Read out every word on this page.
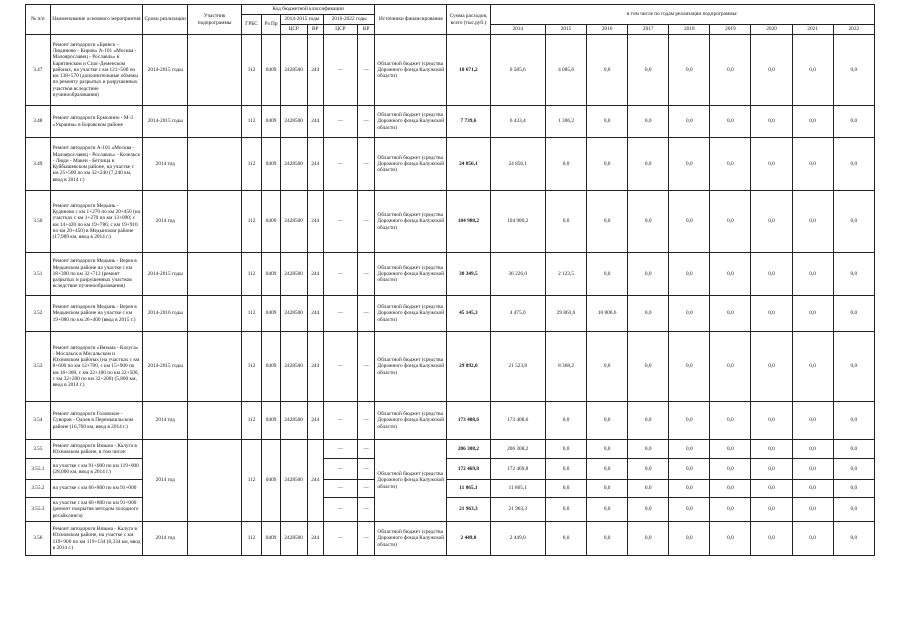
№ п/п	Наименование основного мероприятия	Сроки реализации	Участник подпрограммы	Код бюджетной классификации						Источники финансирования	Сумма расходов, всего (тыс.руб.)	в том числе по годам реализации подпрограммы:								
				ГРБС	Рз Пр	2014-2015 годы		2016-2022 годы												

						ЦСР	ВР	ЦСР	ВР			2014	2015	2016	2017	2018	2019	2020	2021	2022
3.47	Ремонт автодороги «Брянск - Людиново - Киров» А-101 «Москва - Малоярославец - Рославль» в Барятинском и Спас-Деменском районах, на участке с км 121+500 по км 138+570 (дополнительные объемы по ремонту разрытых и разрушенных участков вследствие пучинообразования)	2014-2015 годы		112	0409	2428500	244	—	—	Областной бюджет (средства Дорожного фонда Калужской области)	10 671,2	6 585,6	4 085,6	0,0	0,0	0,0	0,0	0,0	0,0	0,0
3.48	Ремонт автодороги Ермолино - М-3 «Украина» в Боровском районе	2014-2015 годы		112	0409	2428500	244	—	—	Областной бюджет (средства Дорожного фонда Калужской области)	7 739,6	6 433,4	1 306,2	0,0	0,0	0,0	0,0	0,0	0,0	0,0
3.49	Ремонт автодороги А-101 «Москва - Малоярославец - Рославль» - Козельск - Люди - Макеи - Бетлица в Куйбышевском районе, на участке с км 25+500 по км 32+240 (7,240 км, ввод в 2014 г.)	2014 год		112	0409	2428500	244	—	—	Областной бюджет (средства Дорожного фонда Калужской области)	24 856,1	24 856,1	0,0	0,0	0,0	0,0	0,0	0,0	0,0	0,0
3.50	Ремонт автодороги Медынь - Кудиново с км 1+270 по км 20+450 (на участках с км 1+270 по км 13+090; с км 14+420 по км 19+786; с км 19+910 по км 20+450) в Медынском районе (17,989 км, ввод в 2014 г.)	2014 год		112	0409	2428500	244	—	—	Областной бюджет (средства Дорожного фонда Калужской области)	104 980,2	104 980,2	0,0	0,0	0,0	0,0	0,0	0,0	0,0	0,0
3.51	Ремонт автодороги Медынь - Верея в Медынском районе на участке с км 18+390 по км 32+713 (ремонт разрытых и разрушенных участков вследствие пучинообразования)	2014-2015 годы		112	0409	2428500	244	—	—	Областной бюджет (средства Дорожного фонда Калужской области)	38 349,5	36 226,0	2 123,5	0,0	0,0	0,0	0,0	0,0	0,0	0,0
3.52	Ремонт автодороги Медынь - Верея в Медынском районе на участке с км 19+080 по км 26+400 (ввод в 2015 г.)	2014-2016 годы		112	0409	2428500	244	—	—	Областной бюджет (средства Дорожного фонда Калужской области)	45 145,3	4 475,0	29 863,6	10 806,6	0,0	0,0	0,0	0,0	0,0	0,0
3.53	Ремонт автодороги «Вязьма - Калуга» - Мосальск в Мосальском и Юхновском районах (на участках с км 8+600 по км 12+700, с км 15+900 по км 16+300, с км 22+100 по км 22+500, с км 32+200 по км 32+200) (5,800 км, ввод в 2014 г.)	2014-2015 годы		112	0409	2428500	244	—	—	Областной бюджет (средства Дорожного фонда Калужской области)	29 892,0	21 523,8	8 368,2	0,0	0,0	0,0	0,0	0,0	0,0	0,0
3.54	Ремонт автодороги Головское - Суворов - Одоев в Перемышльском районе (16,760 км, ввод в 2014 г.)	2014 год		112	0409	2428500	244	—	—	Областной бюджет (средства Дорожного фонда Калужской области)	173 408,6	173 408,6	0,0	0,0	0,0	0,0	0,0	0,0	0,0	0,0
3.55	Ремонт автодороги Вязьма - Калуга в Юхновском районе, в том числе:	2014 год		112	0409	2428500	244	—	—	Областной бюджет (средства Дорожного фонда Калужской области)	206 308,2	206 308,2	0,0	0,0	0,0	0,0	0,0	0,0	0,0	0,0
3.55.1	на участке с км 91+000 по км 119+000 (28,000 км, ввод в 2014 г.)							—	—		172 469,8	172 469,8	0,0	0,0	0,0	0,0	0,0	0,0	0,0	0,0
3.55.2	на участке с км 66+800 по км 91+000							—	—		11 865,1	11 865,1	0,0	0,0	0,0	0,0	0,0	0,0	0,0	0,0
3.55.3	на участке с км 66+800 по км 91+000 (ремонт покрытия методом холодного ресайклинга)							—	—		21 963,3	21 963,3	0,0	0,0	0,0	0,0	0,0	0,0	0,0	0,0
3.56	Ремонт автодороги Вязьма - Калуга в Юхновском районе, на участке с км 119+900 по км 119+134 (0,334 км, ввод в 2014 г.)	2014 год		112	0409	2428500	244	—	—	Областной бюджет (средства Дорожного фонда Калужской области)	2 449,0	2 449,0	0,0	0,0	0,0	0,0	0,0	0,0	0,0	0,0
